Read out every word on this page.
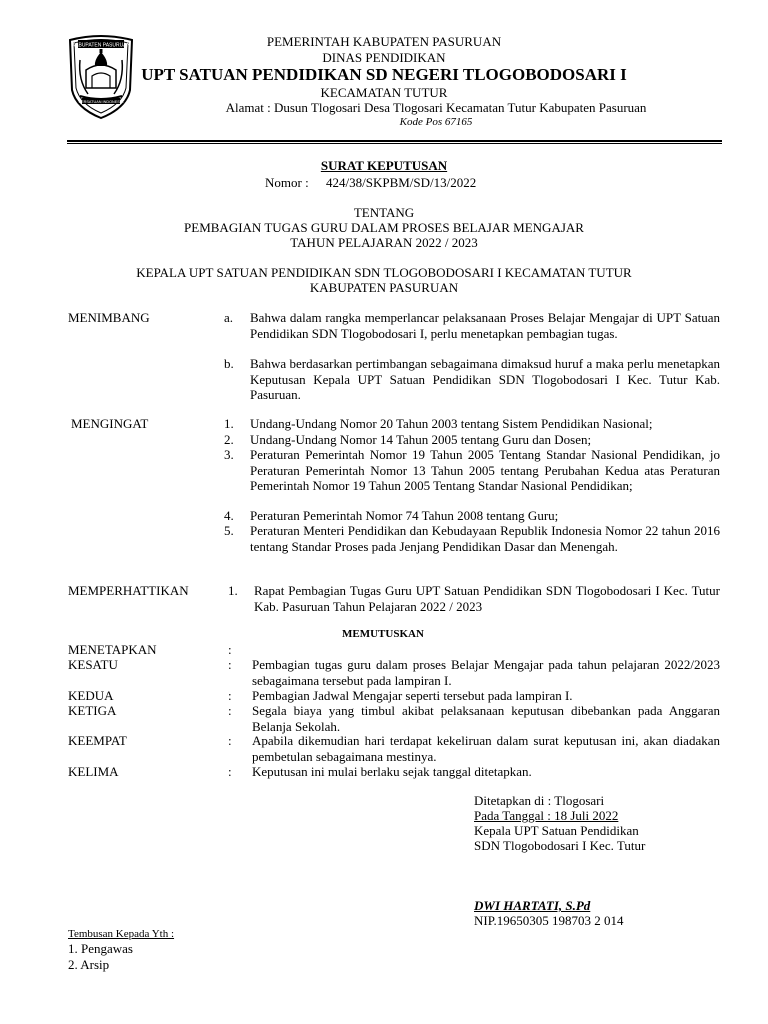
KABUPATEN PASURUAN
PERSATUAN INDONESIA
PEMERINTAH KABUPATEN PASURUAN
DINAS PENDIDIKAN
UPT SATUAN PENDIDIKAN SD NEGERI TLOGOBODOSARI I
KECAMATAN TUTUR
Alamat : Dusun Tlogosari Desa Tlogosari Kecamatan Tutur Kabupaten Pasuruan
Kode Pos 67165
SURAT KEPUTUSAN
Nomor : 424/38/SKPBM/SD/13/2022
TENTANG
PEMBAGIAN TUGAS GURU DALAM PROSES BELAJAR MENGAJAR
TAHUN PELAJARAN 2022 / 2023
KEPALA UPT SATUAN PENDIDIKAN SDN TLOGOBODOSARI I KECAMATAN TUTUR
KABUPATEN PASURUAN
MENIMBANG	a. Bahwa dalam rangka memperlancar pelaksanaan Proses Belajar Mengajar di UPT Satuan Pendidikan SDN Tlogobodosari I, perlu menetapkan pembagian tugas.
b. Bahwa berdasarkan pertimbangan sebagaimana dimaksud huruf a maka perlu menetapkan Keputusan Kepala UPT Satuan Pendidikan SDN Tlogobodosari I Kec. Tutur Kab. Pasuruan.
MENGINGAT	1. Undang-Undang Nomor 20 Tahun 2003 tentang Sistem Pendidikan Nasional;
2. Undang-Undang Nomor 14 Tahun 2005 tentang Guru dan Dosen;
3. Peraturan Pemerintah Nomor 19 Tahun 2005 Tentang Standar Nasional Pendidikan, jo Peraturan Pemerintah Nomor 13 Tahun 2005 tentang Perubahan Kedua atas Peraturan Pemerintah Nomor 19 Tahun 2005 Tentang Standar Nasional Pendidikan;
4. Peraturan Pemerintah Nomor 74 Tahun 2008 tentang Guru;
5. Peraturan Menteri Pendidikan dan Kebudayaan Republik Indonesia Nomor 22 tahun 2016 tentang Standar Proses pada Jenjang Pendidikan Dasar dan Menengah.
MEMPERHATTIKAN	1. Rapat Pembagian Tugas Guru UPT Satuan Pendidikan SDN Tlogobodosari I Kec. Tutur Kab. Pasuruan Tahun Pelajaran 2022 / 2023
MEMUTUSKAN
MENETAPKAN	:
KESATU	: Pembagian tugas guru dalam proses Belajar Mengajar pada tahun pelajaran 2022/2023 sebagaimana tersebut pada lampiran I.
KEDUA	: Pembagian Jadwal Mengajar seperti tersebut pada lampiran I.
KETIGA	: Segala biaya yang timbul akibat pelaksanaan keputusan dibebankan pada Anggaran Belanja Sekolah.
KEEMPAT	: Apabila dikemudian hari terdapat kekeliruan dalam surat keputusan ini, akan diadakan pembetulan sebagaimana mestinya.
KELIMA	: Keputusan ini mulai berlaku sejak tanggal ditetapkan.
Ditetapkan di : Tlogosari
Pada Tanggal : 18 Juli 2022
Kepala UPT Satuan Pendidikan
SDN Tlogobodosari I Kec. Tutur
DWI HARTATI, S.Pd
NIP.19650305 198703 2 014
Tembusan Kepada Yth :
1. Pengawas
2. Arsip
